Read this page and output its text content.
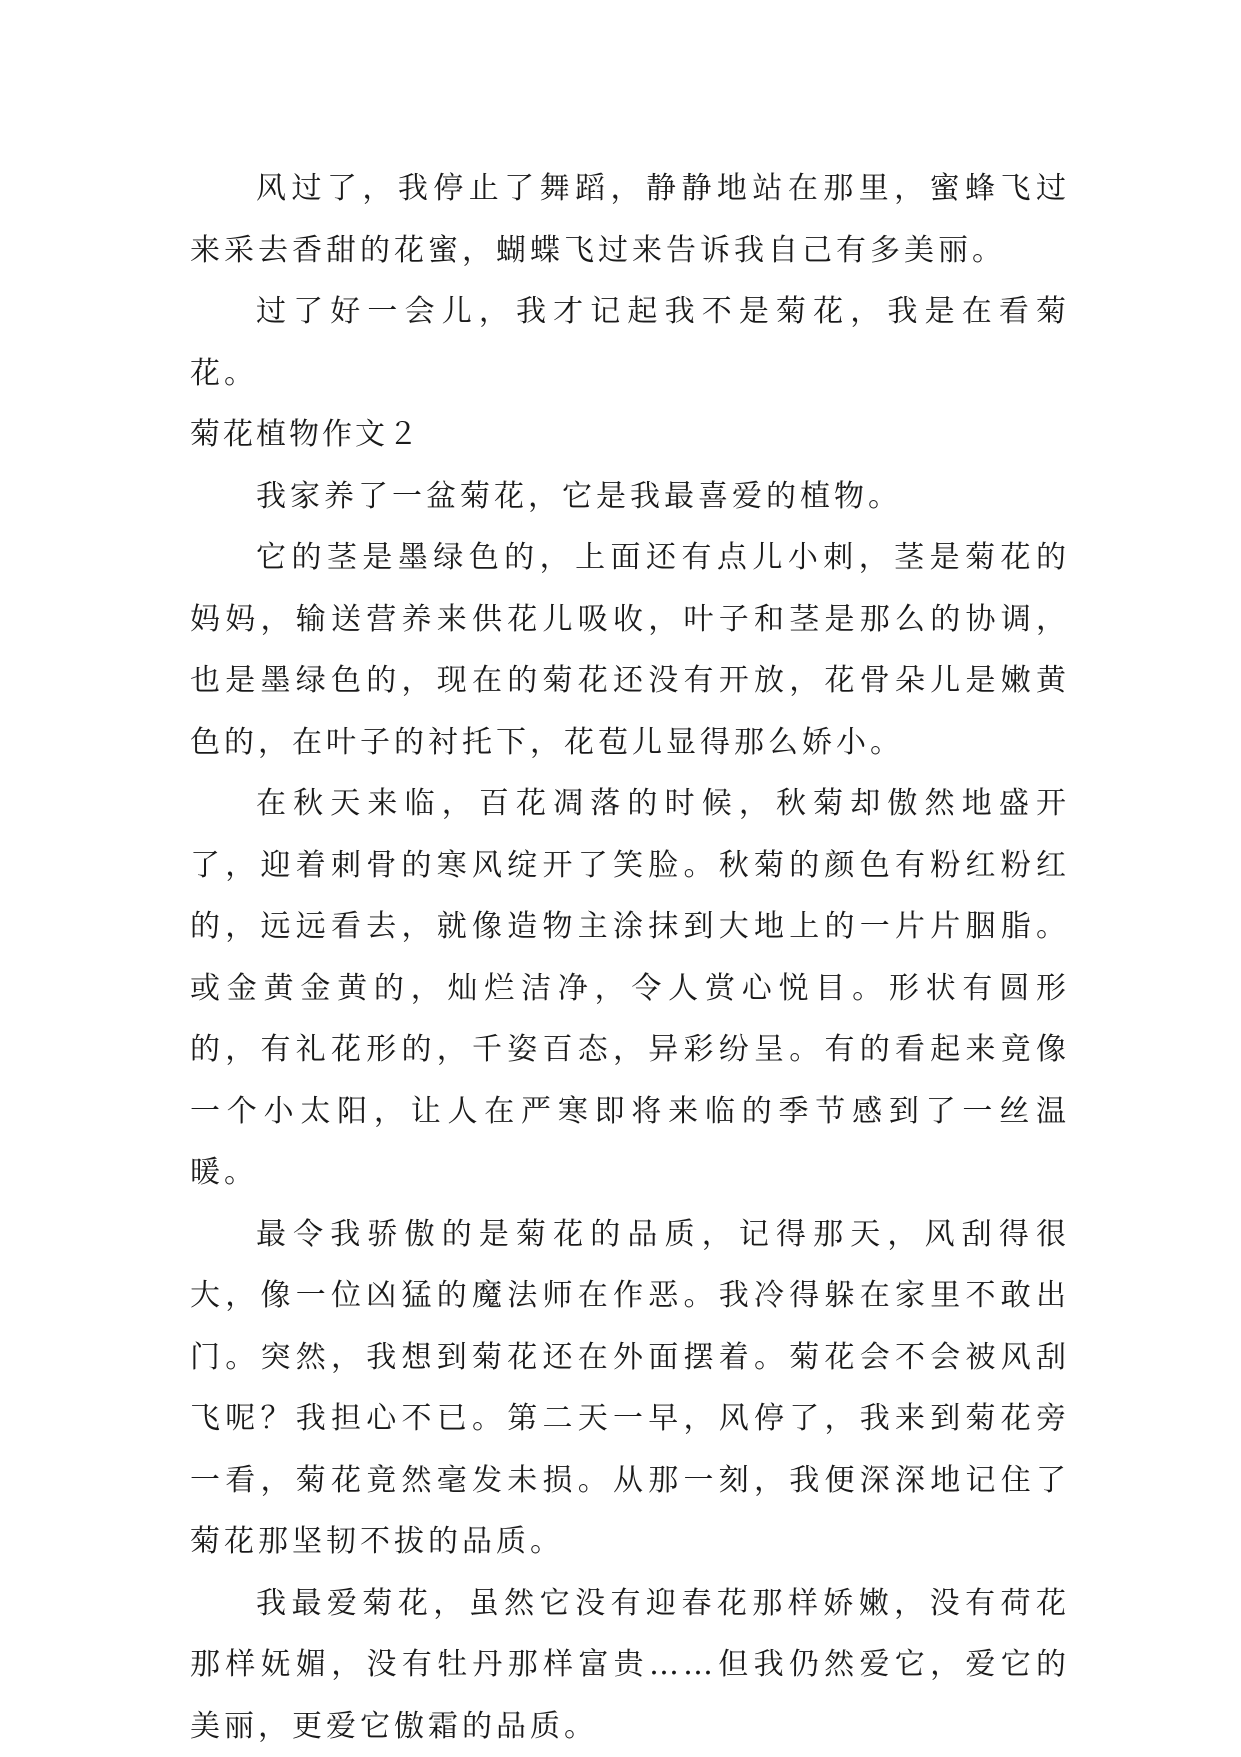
风过了，我停止了舞蹈，静静地站在那里，蜜蜂飞过来采去香甜的花蜜，蝴蝶飞过来告诉我自己有多美丽。

过了好一会儿，我才记起我不是菊花，我是在看菊花。

菊花植物作文２

我家养了一盆菊花，它是我最喜爱的植物。

它的茎是墨绿色的，上面还有点儿小刺，茎是菊花的妈妈，输送营养来供花儿吸收，叶子和茎是那么的协调，也是墨绿色的，现在的菊花还没有开放，花骨朵儿是嫩黄色的，在叶子的衬托下，花苞儿显得那么娇小。

在秋天来临，百花凋落的时候，秋菊却傲然地盛开了，迎着刺骨的寒风绽开了笑脸。秋菊的颜色有粉红粉红的，远远看去，就像造物主涂抹到大地上的一片片胭脂。或金黄金黄的，灿烂洁净，令人赏心悦目。形状有圆形的，有礼花形的，千姿百态，异彩纷呈。有的看起来竟像一个小太阳，让人在严寒即将来临的季节感到了一丝温暖。

最令我骄傲的是菊花的品质，记得那天，风刮得很大，像一位凶猛的魔法师在作恶。我冷得躲在家里不敢出门。突然，我想到菊花还在外面摆着。菊花会不会被风刮飞呢？我担心不已。第二天一早，风停了，我来到菊花旁一看，菊花竟然毫发未损。从那一刻，我便深深地记住了菊花那坚韧不拔的品质。

我最爱菊花，虽然它没有迎春花那样娇嫩，没有荷花那样妩媚，没有牡丹那样富贵……但我仍然爱它，爱它的美丽，更爱它傲霜的品质。
